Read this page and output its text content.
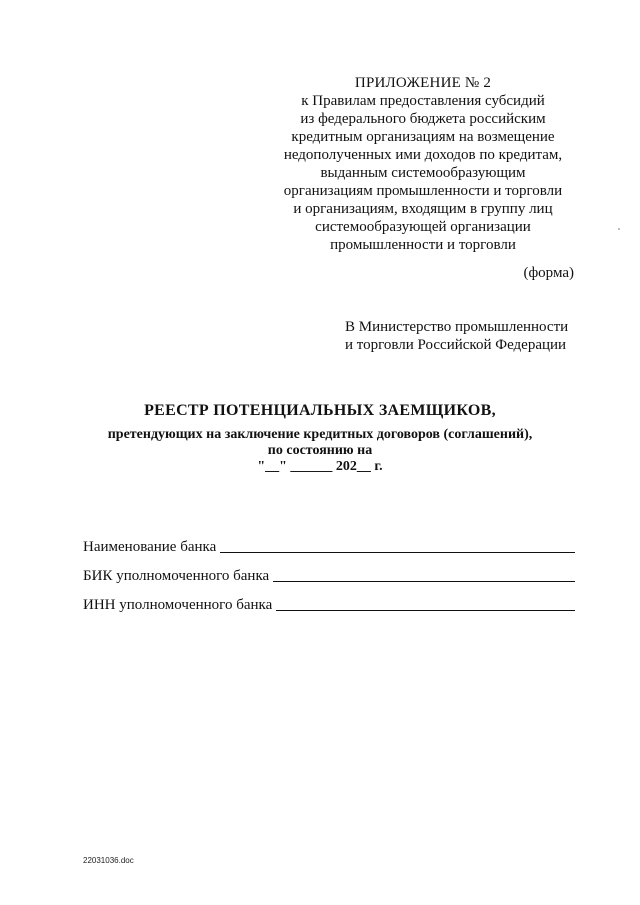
ПРИЛОЖЕНИЕ № 2
к Правилам предоставления субсидий
из федерального бюджета российским
кредитным организациям на возмещение
недополученных ими доходов по кредитам,
выданным системообразующим
организациям промышленности и торговли
и организациям, входящим в группу лиц
системообразующей организации
промышленности и торговли
(форма)
В Министерство промышленности
и торговли Российской Федерации
РЕЕСТР ПОТЕНЦИАЛЬНЫХ ЗАЕМЩИКОВ,
претендующих на заключение кредитных договоров (соглашений),
по состоянию на
"__" ______ 202__ г.
Наименование банка
БИК уполномоченного банка
ИНН уполномоченного банка
22031036.doc
